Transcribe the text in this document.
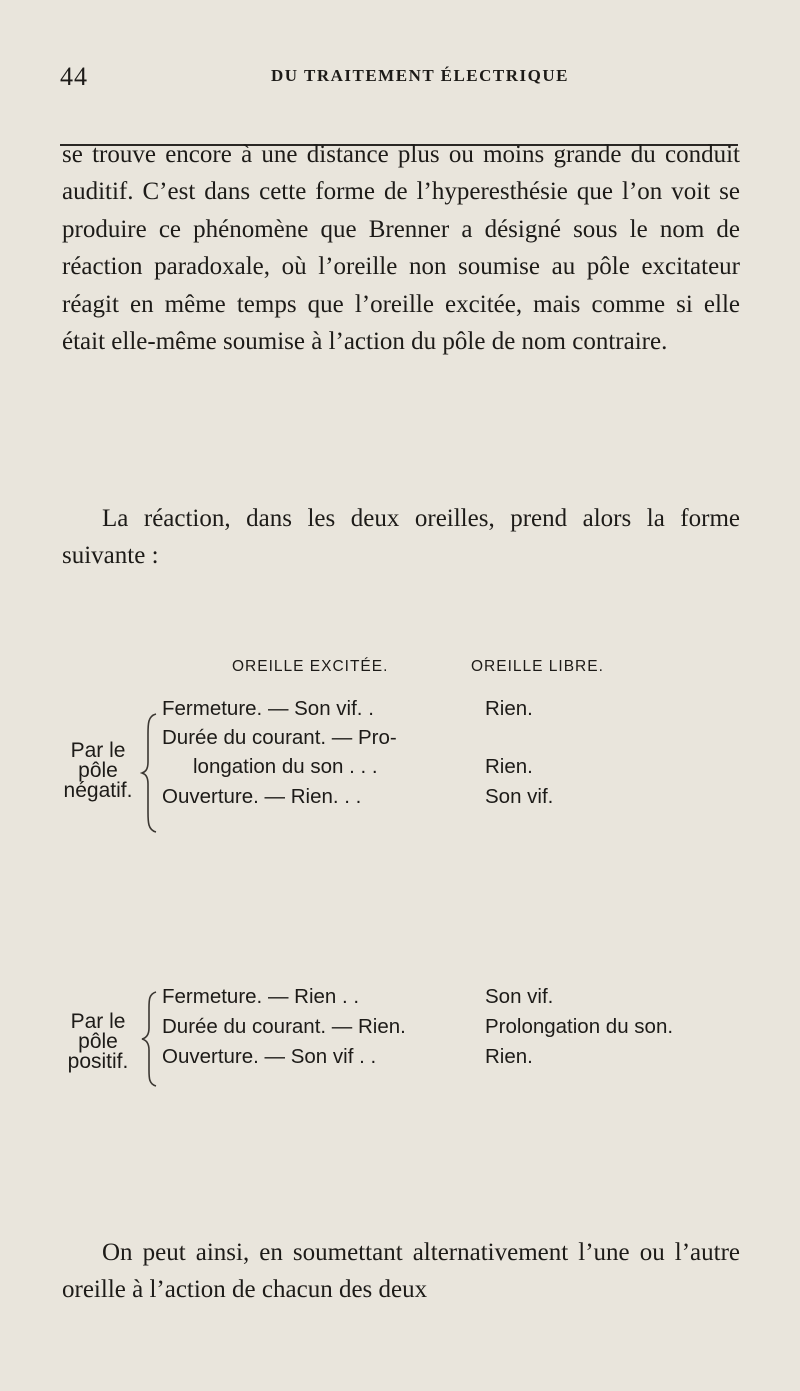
44	DU TRAITEMENT ÉLECTRIQUE

se trouve encore à une distance plus ou moins grande du conduit auditif. C’est dans cette forme de l’hyperesthésie que l’on voit se produire ce phénomène que Brenner a désigné sous le nom de réaction paradoxale, où l’oreille non soumise au pôle excitateur réagit en même temps que l’oreille excitée, mais comme si elle était elle-même soumise à l’action du pôle de nom contraire.

La réaction, dans les deux oreilles, prend alors la forme suivante :

OREILLE EXCITÉE.	OREILLE LIBRE.
Par le
pôle
négatif.
Fermeture. — Son vif. .	Rien.
Durée du courant. — Pro-
longation du son . . .	Rien.
Ouverture. — Rien. . .	Son vif.
Par le
pôle
positif.
Fermeture. — Rien . .	Son vif.
Durée du courant. — Rien.	Prolongation du son.
Ouverture. — Son vif . .	Rien.

On peut ainsi, en soumettant alternativement l’une ou l’autre oreille à l’action de chacun des deux
